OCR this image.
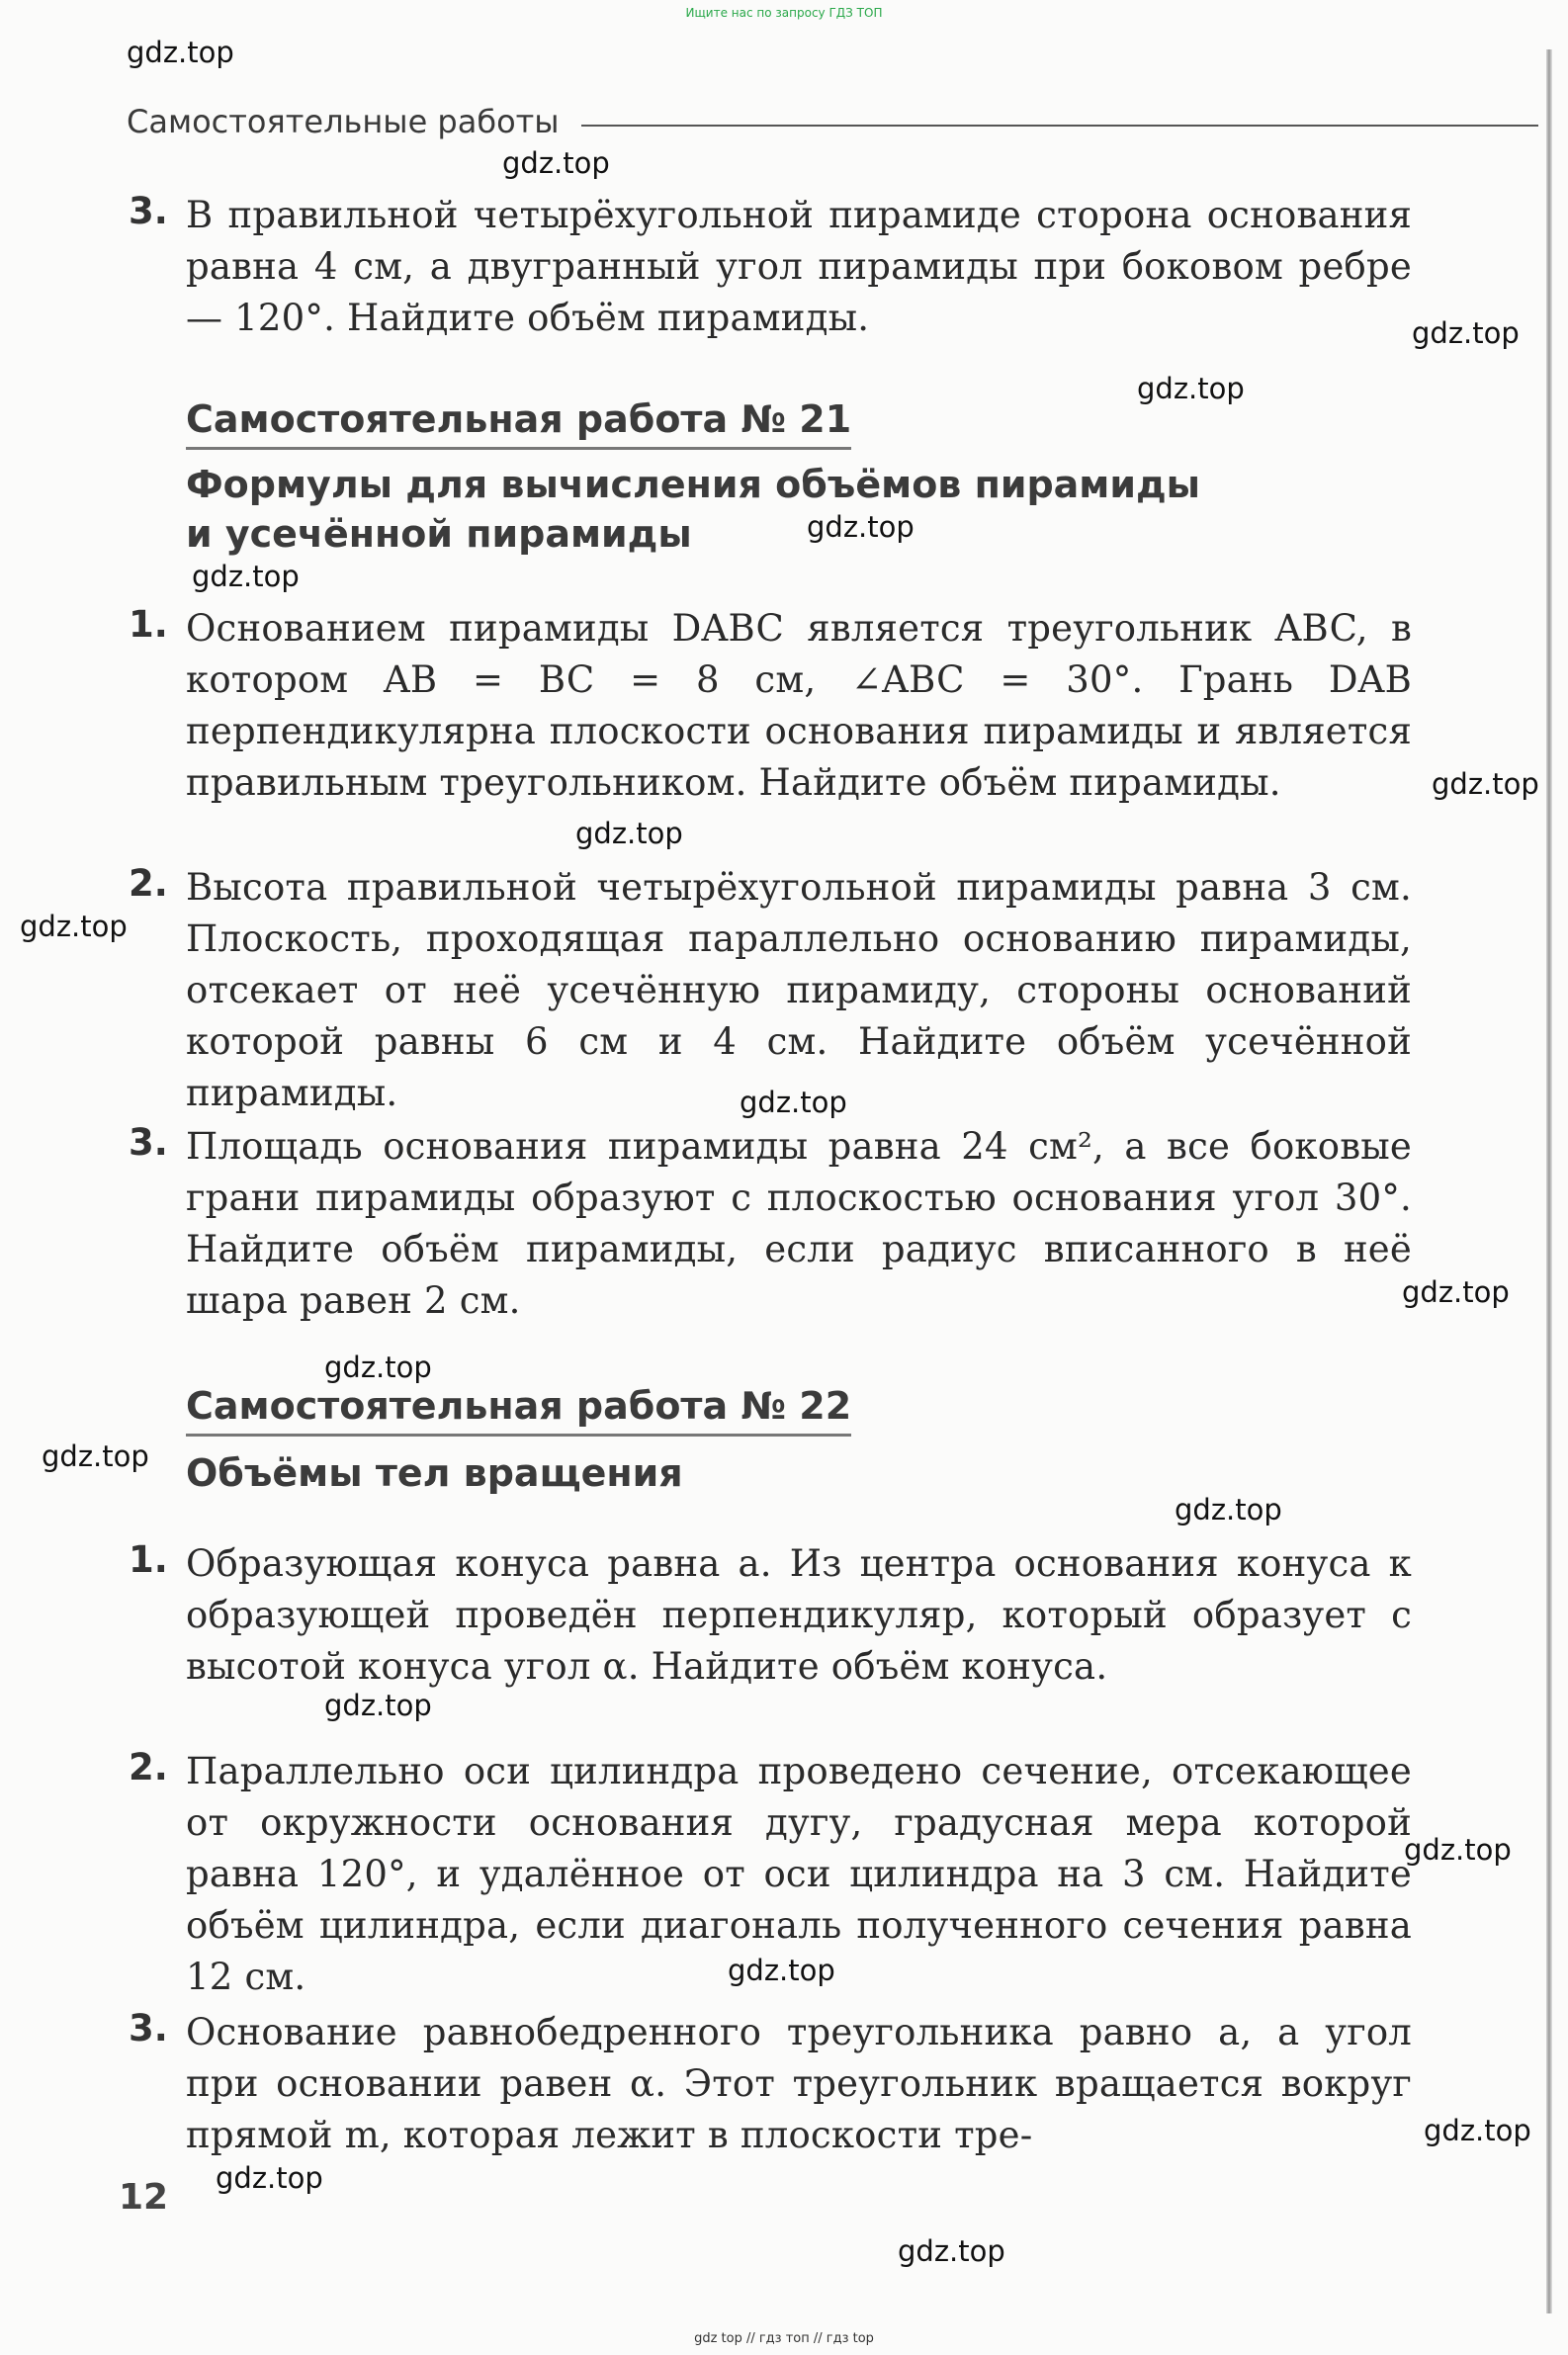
Ищите нас по запросу ГДЗ ТОП
Самостоятельные работы
3. В правильной четырёхугольной пирамиде сторона основания равна 4 см, а двугранный угол пирамиды при боковом ребре — 120°. Найдите объём пирамиды.
Самостоятельная работа № 21
Формулы для вычисления объёмов пирамиды
и усечённой пирамиды
1. Основанием пирамиды DABC является треугольник ABC, в котором AB = BC = 8 см, ∠ABC = 30°. Грань DAB перпендикулярна плоскости основания пирамиды и является правильным треугольником. Найдите объём пирамиды.
2. Высота правильной четырёхугольной пирамиды равна 3 см. Плоскость, проходящая параллельно основанию пирамиды, отсекает от неё усечённую пирамиду, стороны оснований которой равны 6 см и 4 см. Найдите объём усечённой пирамиды.
3. Площадь основания пирамиды равна 24 см², а все боковые грани пирамиды образуют с плоскостью основания угол 30°. Найдите объём пирамиды, если радиус вписанного в неё шара равен 2 см.
Самостоятельная работа № 22
Объёмы тел вращения
1. Образующая конуса равна a. Из центра основания конуса к образующей проведён перпендикуляр, который образует с высотой конуса угол α. Найдите объём конуса.
2. Параллельно оси цилиндра проведено сечение, отсекающее от окружности основания дугу, градусная мера которой равна 120°, и удалённое от оси цилиндра на 3 см. Найдите объём цилиндра, если диагональ полученного сечения равна 12 см.
3. Основание равнобедренного треугольника равно a, а угол при основании равен α. Этот треугольник вращается вокруг прямой m, которая лежит в плоскости тре-
12
gdz.top
gdz.top
gdz.top
gdz.top
gdz.top
gdz.top
gdz.top
gdz.top
gdz.top
gdz.top
gdz.top
gdz.top
gdz.top
gdz.top
gdz.top
gdz.top
gdz.top
gdz.top
gdz.top
gdz.top
gdz top // гдз топ // гдз top
